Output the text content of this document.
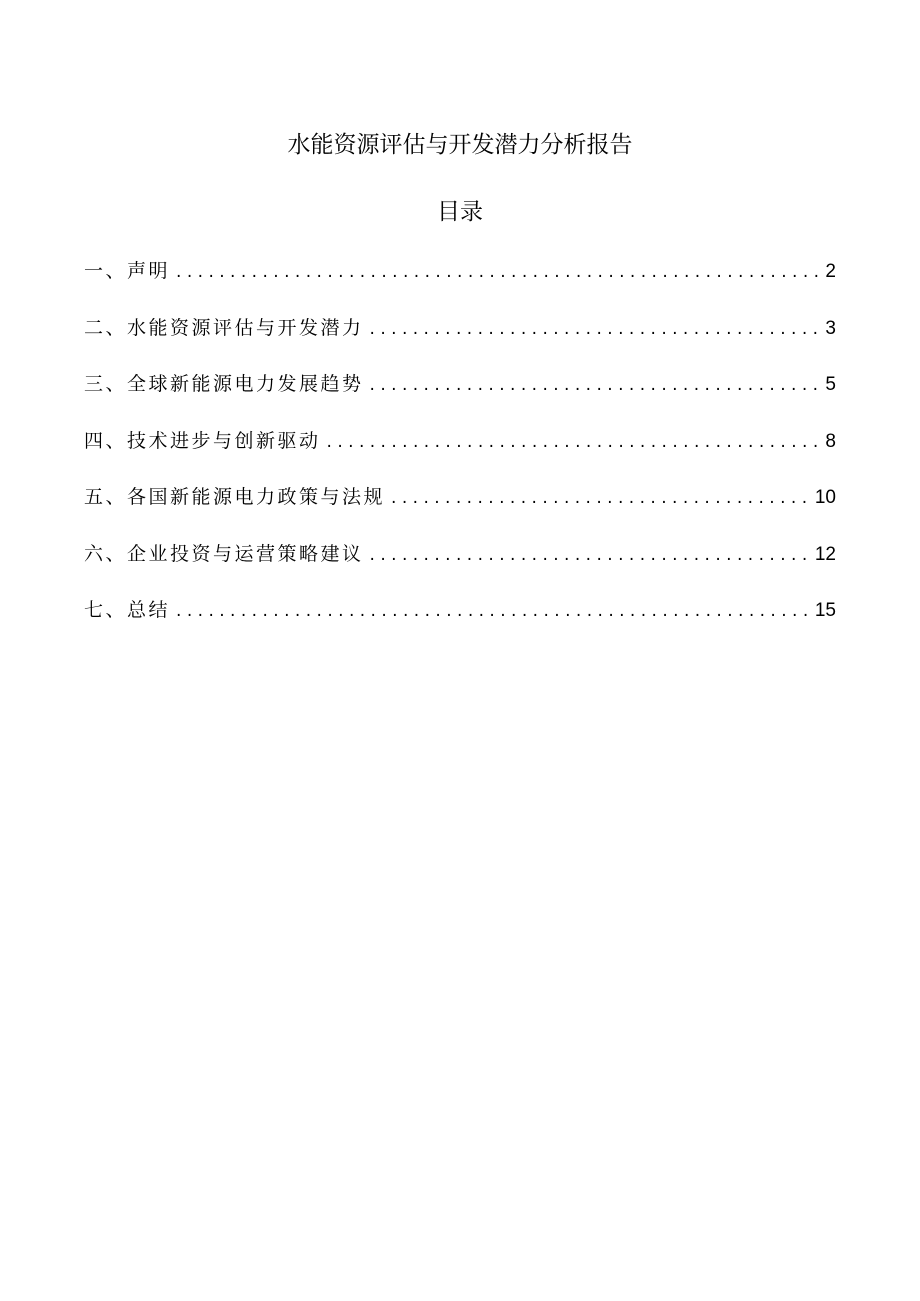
水能资源评估与开发潜力分析报告
目录
一、声明 . . .	2
二、水能资源评估与开发潜力 . . .	3
三、全球新能源电力发展趋势 . . .	5
四、技术进步与创新驱动 . . .	8
五、各国新能源电力政策与法规 . . .	10
六、企业投资与运营策略建议 . . .	12
七、总结 . . .	15
